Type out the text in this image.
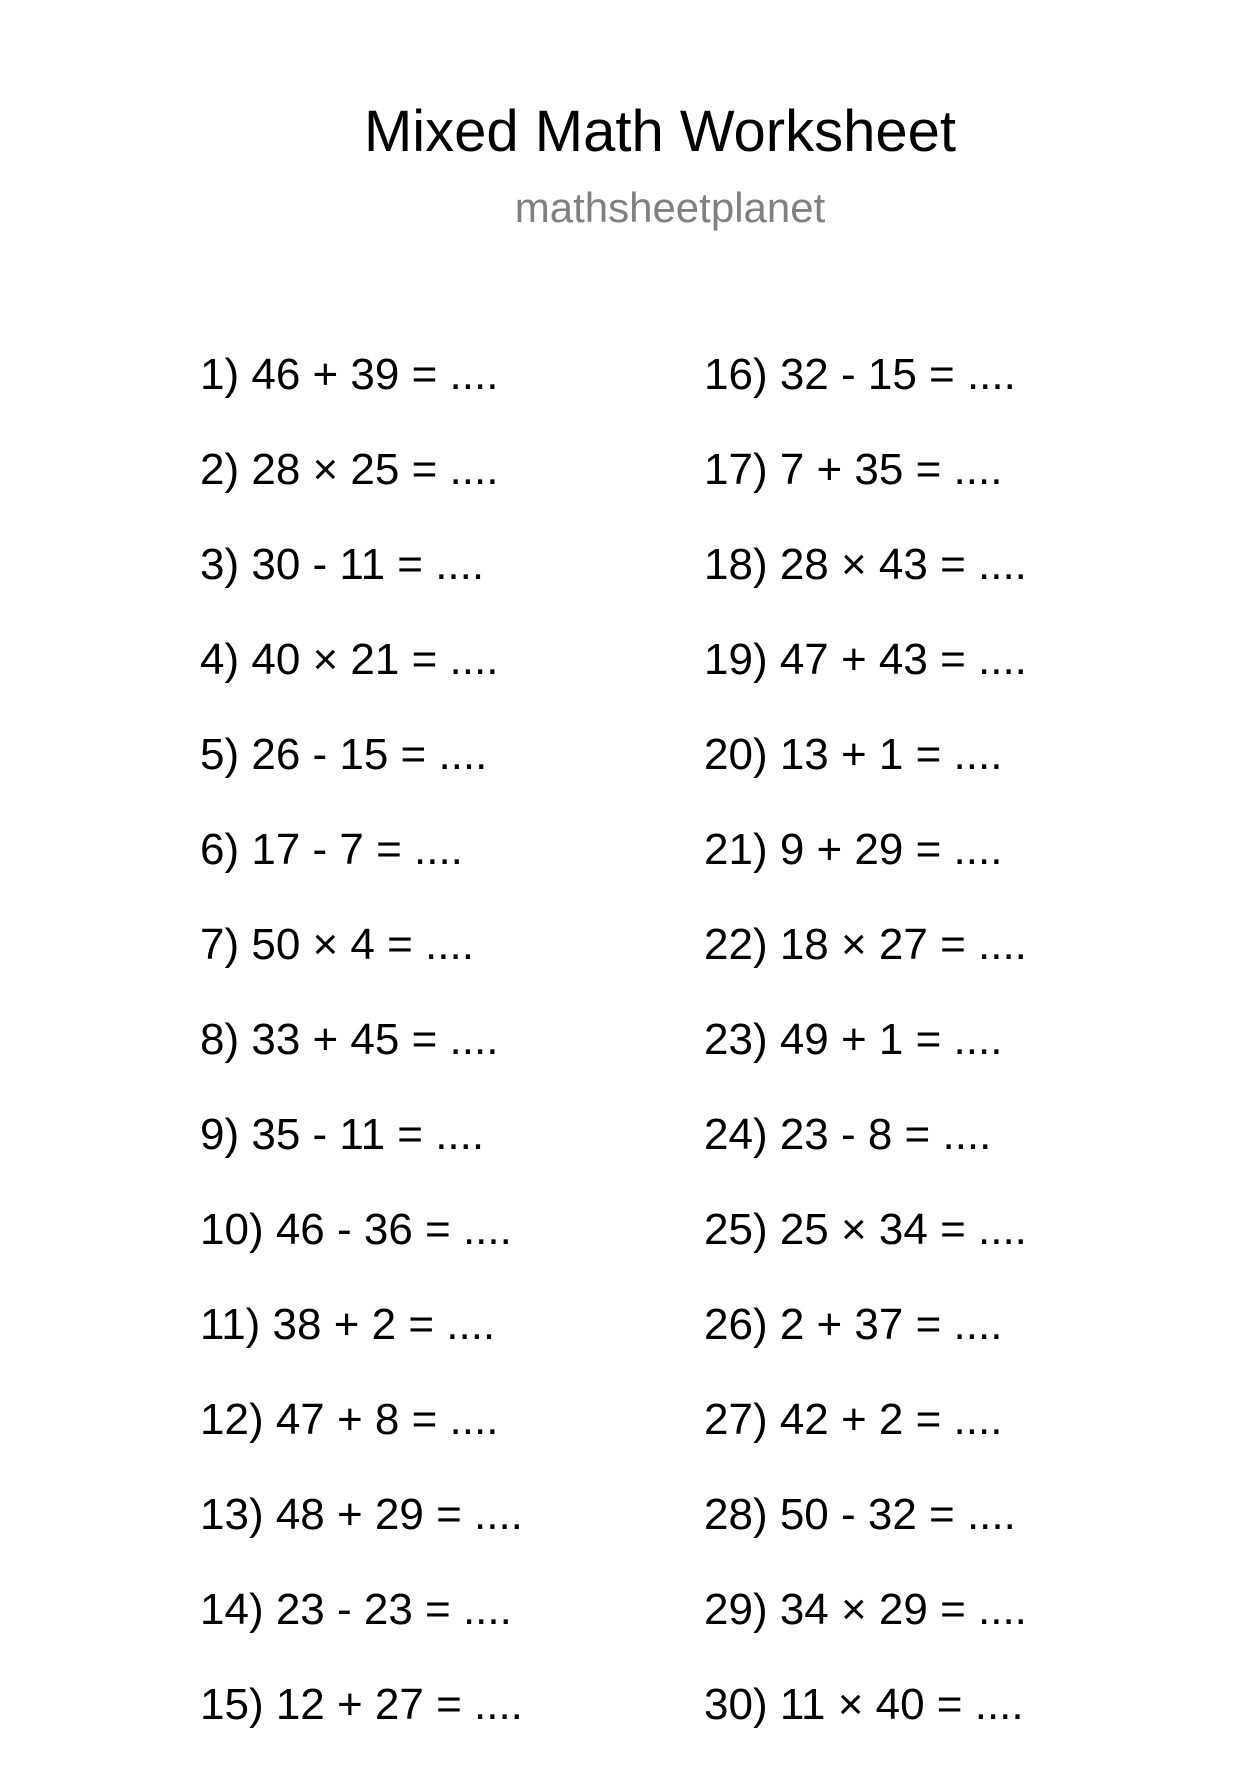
Mixed Math Worksheet
mathsheetplanet
1) 46 + 39 = ....
2) 28 × 25 = ....
3) 30 - 11 = ....
4) 40 × 21 = ....
5) 26 - 15 = ....
6) 17 - 7 = ....
7) 50 × 4 = ....
8) 33 + 45 = ....
9) 35 - 11 = ....
10) 46 - 36 = ....
11) 38 + 2 = ....
12) 47 + 8 = ....
13) 48 + 29 = ....
14) 23 - 23 = ....
15) 12 + 27 = ....
16) 32 - 15 = ....
17) 7 + 35 = ....
18) 28 × 43 = ....
19) 47 + 43 = ....
20) 13 + 1 = ....
21) 9 + 29 = ....
22) 18 × 27 = ....
23) 49 + 1 = ....
24) 23 - 8 = ....
25) 25 × 34 = ....
26) 2 + 37 = ....
27) 42 + 2 = ....
28) 50 - 32 = ....
29) 34 × 29 = ....
30) 11 × 40 = ....
